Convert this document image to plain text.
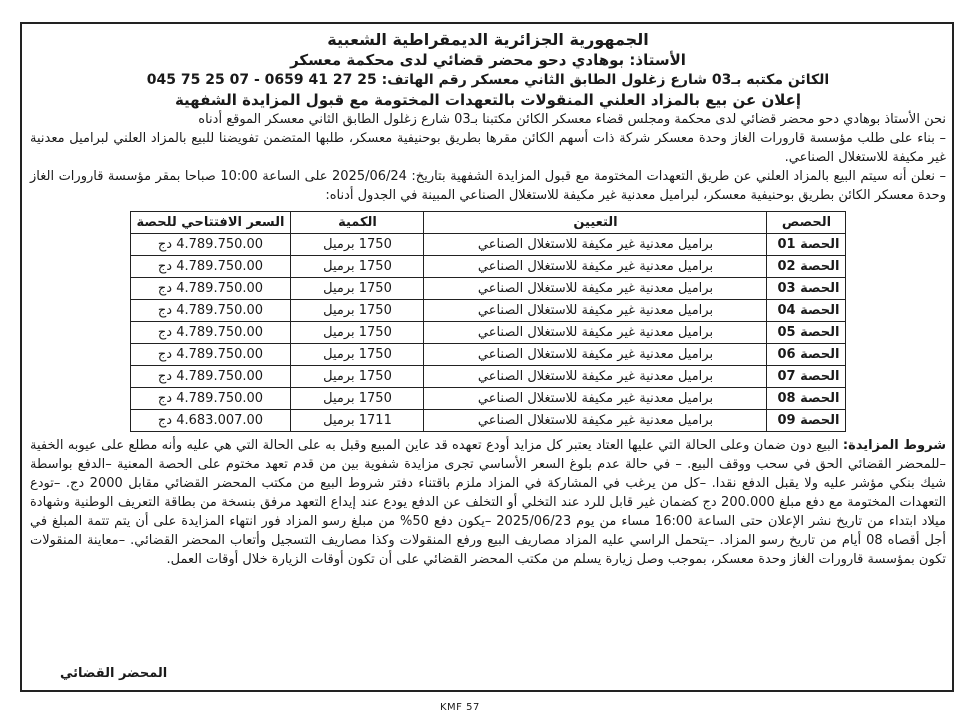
الجمهورية الجزائرية الديمقراطية الشعبية

الأستاذ: بوهادي دحو محضر قضائي لدى محكمة معسكر

الكائن مكتبه بـ03 شارع زغلول الطابق الثاني معسكر رقم الهاتف: 25 27 41 0659 - 07 25 75 045

إعلان عن بيع بالمزاد العلني المنقولات بالتعهدات المختومة مع قبول المزايدة الشفهية

نحن الأستاذ بوهادي دحو محضر قضائي لدى محكمة ومجلس قضاء معسكر الكائن مكتبنا بـ03 شارع زغلول الطابق الثاني معسكر الموقع أدناه

– بناء على طلب مؤسسة قارورات الغاز وحدة معسكر شركة ذات أسهم الكائن مقرها بطريق بوحنيفية معسكر، طلبها المتضمن تفويضنا للبيع بالمزاد العلني لبراميل معدنية غير مكيفة للاستغلال الصناعي.

– نعلن أنه سيتم البيع بالمزاد العلني عن طريق التعهدات المختومة مع قبول المزايدة الشفهية بتاريخ: 2025/06/24 على الساعة 10:00 صباحا بمقر مؤسسة قارورات الغاز وحدة معسكر الكائن بطريق بوحنيفية معسكر، لبراميل معدنية غير مكيفة للاستغلال الصناعي المبينة في الجدول أدناه:

الحصص	التعيين	الكمية	السعر الافتتاحي للحصة
الحصة 01	براميل معدنية غير مكيفة للاستغلال الصناعي	1750 برميل	4.789.750.00 دج
الحصة 02	براميل معدنية غير مكيفة للاستغلال الصناعي	1750 برميل	4.789.750.00 دج
الحصة 03	براميل معدنية غير مكيفة للاستغلال الصناعي	1750 برميل	4.789.750.00 دج
الحصة 04	براميل معدنية غير مكيفة للاستغلال الصناعي	1750 برميل	4.789.750.00 دج
الحصة 05	براميل معدنية غير مكيفة للاستغلال الصناعي	1750 برميل	4.789.750.00 دج
الحصة 06	براميل معدنية غير مكيفة للاستغلال الصناعي	1750 برميل	4.789.750.00 دج
الحصة 07	براميل معدنية غير مكيفة للاستغلال الصناعي	1750 برميل	4.789.750.00 دج
الحصة 08	براميل معدنية غير مكيفة للاستغلال الصناعي	1750 برميل	4.789.750.00 دج
الحصة 09	براميل معدنية غير مكيفة للاستغلال الصناعي	1711 برميل	4.683.007.00 دج

شروط المزايدة: البيع دون ضمان وعلى الحالة التي عليها العتاد يعتبر كل مزايد أودع تعهده قد عاين المبيع وقبل به على الحالة التي هي عليه وأنه مطلع على عيوبه الخفية –للمحضر القضائي الحق في سحب ووقف البيع. – في حالة عدم بلوغ السعر الأساسي تجرى مزايدة شفوية بين من قدم تعهد مختوم على الحصة المعنية –الدفع بواسطة شيك بنكي مؤشر عليه ولا يقبل الدفع نقدا. –كل من يرغب في المشاركة في المزاد ملزم باقتناء دفتر شروط البيع من مكتب المحضر القضائي مقابل 2000 دج. –تودع التعهدات المختومة مع دفع مبلغ 200.000 دج كضمان غير قابل للرد عند التخلي أو التخلف عن الدفع يودع عند إيداع التعهد مرفق بنسخة من بطاقة التعريف الوطنية وشهادة ميلاد ابتداء من تاريخ نشر الإعلان حتى الساعة 16:00 مساء من يوم 2025/06/23 –يكون دفع 50% من مبلغ رسو المزاد فور انتهاء المزايدة على أن يتم تتمة المبلغ في أجل أقصاه 08 أيام من تاريخ رسو المزاد. –يتحمل الراسي عليه المزاد مصاريف البيع ورفع المنقولات وكذا مصاريف التسجيل وأتعاب المحضر القضائي. –معاينة المنقولات تكون بمؤسسة قارورات الغاز وحدة معسكر، بموجب وصل زيارة يسلم من مكتب المحضر القضائي على أن تكون أوقات الزيارة خلال أوقات العمل.

المحضر القضائي
KMF 57
